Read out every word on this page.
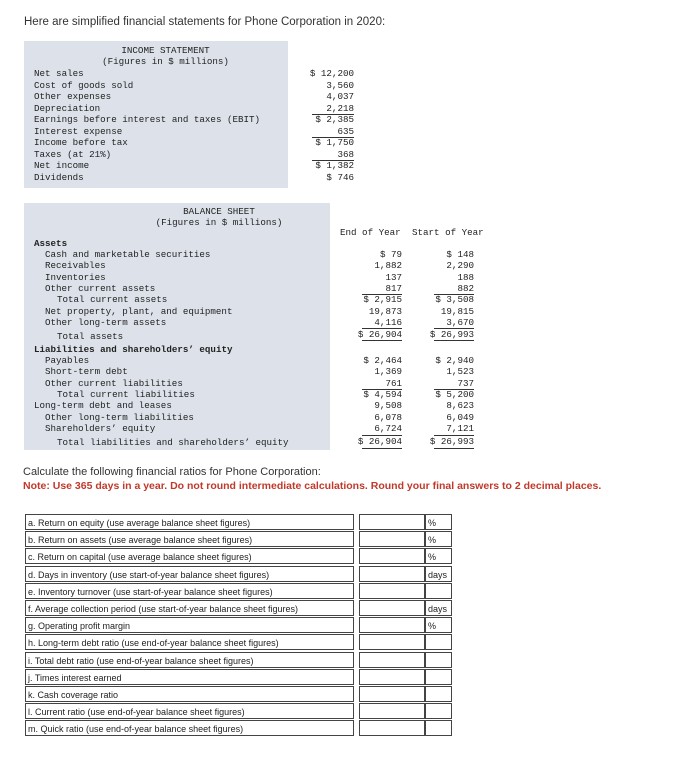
Here are simplified financial statements for Phone Corporation in 2020:
INCOME STATEMENT
(Figures in $ millions)
Net sales	$ 12,200
Cost of goods sold	3,560
Other expenses	4,037
Depreciation	2,218
Earnings before interest and taxes (EBIT)	$ 2,385
Interest expense	635
Income before tax	$ 1,750
Taxes (at 21%)	368
Net income	$ 1,382
Dividends	$ 746
BALANCE SHEET
(Figures in $ millions)
End of Year Start of Year
Assets
Cash and marketable securities	$ 79	$ 148
Receivables	1,882	2,290
Inventories	137	188
Other current assets	817	882
Total current assets	$ 2,915	$ 3,508
Net property, plant, and equipment	19,873	19,815
Other long-term assets	4,116	3,670
Total assets	$ 26,904	$ 26,993
Liabilities and shareholders’ equity
Payables	$ 2,464	$ 2,940
Short-term debt	1,369	1,523
Other current liabilities	761	737
Total current liabilities	$ 4,594	$ 5,200
Long-term debt and leases	9,508	8,623
Other long-term liabilities	6,078	6,049
Shareholders’ equity	6,724	7,121
Total liabilities and shareholders’ equity	$ 26,904	$ 26,993
Calculate the following financial ratios for Phone Corporation:
Note: Use 365 days in a year. Do not round intermediate calculations. Round your final answers to 2 decimal places.
a. Return on equity (use average balance sheet figures)	%
b. Return on assets (use average balance sheet figures)	%
c. Return on capital (use average balance sheet figures)	%
d. Days in inventory (use start-of-year balance sheet figures)	days
e. Inventory turnover (use start-of-year balance sheet figures)
f. Average collection period (use start-of-year balance sheet figures)	days
g. Operating profit margin	%
h. Long-term debt ratio (use end-of-year balance sheet figures)
i. Total debt ratio (use end-of-year balance sheet figures)
j. Times interest earned
k. Cash coverage ratio
l. Current ratio (use end-of-year balance sheet figures)
m. Quick ratio (use end-of-year balance sheet figures)
